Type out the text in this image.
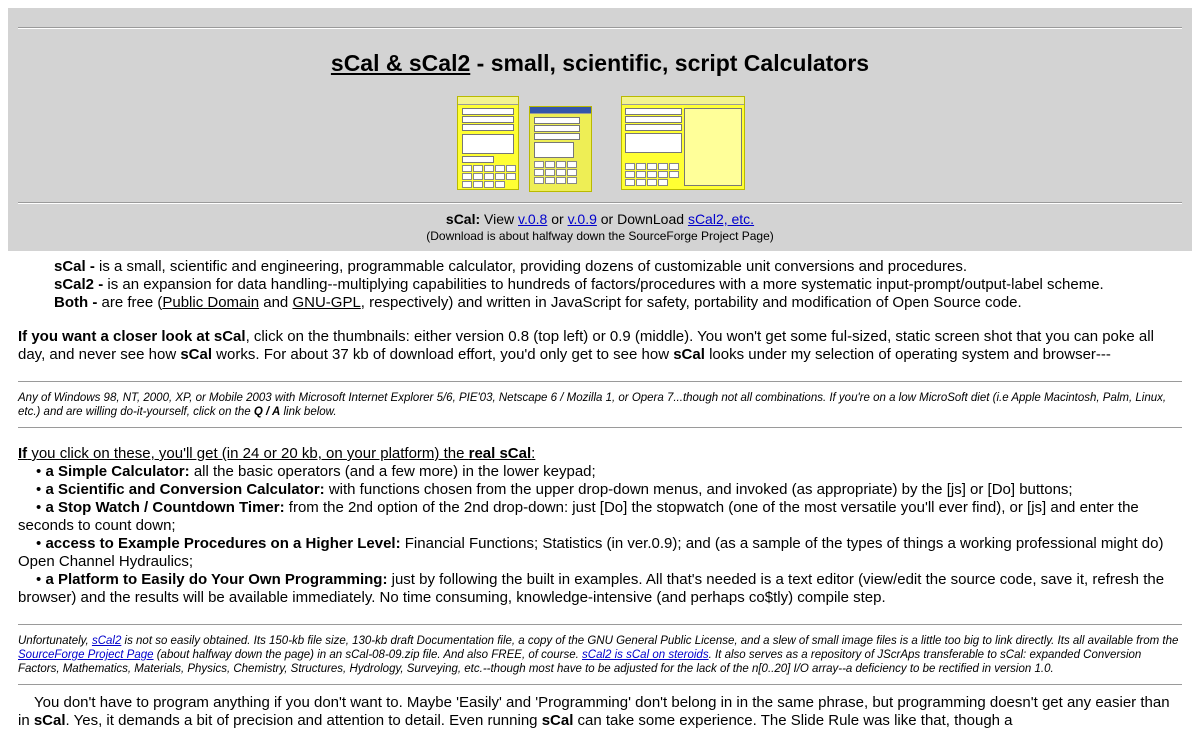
sCal & sCal2 - small, scientific, script Calculators
sCal: View v.0.8 or v.0.9 or DownLoad sCal2, etc.
(Download is about halfway down the SourceForge Project Page)

sCal - is a small, scientific and engineering, programmable calculator, providing dozens of customizable unit conversions and procedures.

sCal2 - is an expansion for data handling--multiplying capabilities to hundreds of factors/procedures with a more systematic input-prompt/output-label scheme.

Both - are free (Public Domain and GNU-GPL, respectively) and written in JavaScript for safety, portability and modification of Open Source code.

If you want a closer look at sCal, click on the thumbnails: either version 0.8 (top left) or 0.9 (middle). You won't get some ful-sized, static screen shot that you can poke all day, and never see how sCal works. For about 37 kb of download effort, you'd only get to see how sCal looks under my selection of operating system and browser---

Any of Windows 98, NT, 2000, XP, or Mobile 2003 with Microsoft Internet Explorer 5/6, PIE'03, Netscape 6 / Mozilla 1, or Opera 7...though not all combinations. If you're on a low MicroSoft diet (i.e Apple Macintosh, Palm, Linux, etc.) and are willing do-it-yourself, click on the Q / A link below.

If you click on these, you'll get (in 24 or 20 kb, on your platform) the real sCal:

• a Simple Calculator: all the basic operators (and a few more) in the lower keypad;

• a Scientific and Conversion Calculator: with functions chosen from the upper drop-down menus, and invoked (as appropriate) by the [js] or [Do] buttons;

• a Stop Watch / Countdown Timer: from the 2nd option of the 2nd drop-down: just [Do] the stopwatch (one of the most versatile you'll ever find), or [js] and enter the seconds to count down;

• access to Example Procedures on a Higher Level: Financial Functions; Statistics (in ver.0.9); and (as a sample of the types of things a working professional might do) Open Channel Hydraulics;

• a Platform to Easily do Your Own Programming: just by following the built in examples. All that's needed is a text editor (view/edit the source code, save it, refresh the browser) and the results will be available immediately. No time consuming, knowledge-intensive (and perhaps co$tly) compile step.

Unfortunately, sCal2 is not so easily obtained. Its 150-kb file size, 130-kb draft Documentation file, a copy of the GNU General Public License, and a slew of small image files is a little too big to link directly. Its all available from the SourceForge Project Page (about halfway down the page) in an sCal-08-09.zip file. And also FREE, of course. sCal2 is sCal on steroids. It also serves as a repository of JScrAps transferable to sCal: expanded Conversion Factors, Mathematics, Materials, Physics, Chemistry, Structures, Hydrology, Surveying, etc.--though most have to be adjusted for the lack of the n[0..20] I/O array--a deficiency to be rectified in version 1.0.

You don't have to program anything if you don't want to. Maybe 'Easily' and 'Programming' don't belong in in the same phrase, but programming doesn't get any easier than in sCal. Yes, it demands a bit of precision and attention to detail. Even running sCal can take some experience. The Slide Rule was like that, though a
